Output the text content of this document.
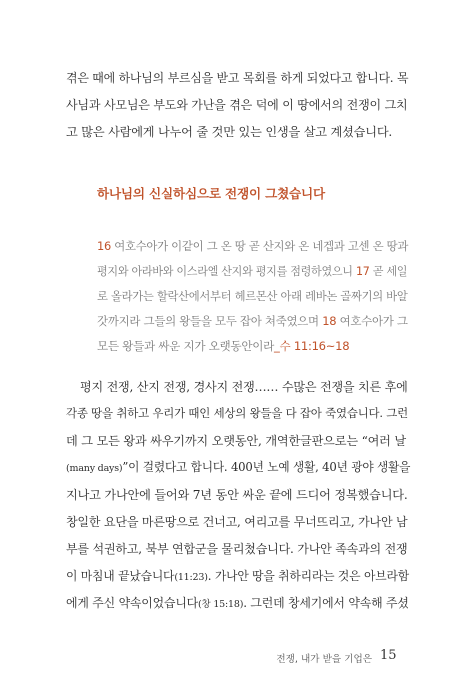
겪은 때에 하나님의 부르심을 받고 목회를 하게 되었다고 합니다. 목
사님과 사모님은 부도와 가난을 겪은 덕에 이 땅에서의 전쟁이 그치
고 많은 사람에게 나누어 줄 것만 있는 인생을 살고 계셨습니다.
하나님의 신실하심으로 전쟁이 그쳤습니다
16 여호수아가 이같이 그 온 땅 곧 산지와 온 네겝과 고센 온 땅과
평지와 아라바와 이스라엘 산지와 평지를 점령하였으니 17 곧 세일
로 올라가는 할락산에서부터 헤르몬산 아래 레바논 골짜기의 바알
갓까지라 그들의 왕들을 모두 잡아 쳐죽였으며 18 여호수아가 그
모든 왕들과 싸운 지가 오랫동안이라_수 11:16~18
평지 전쟁, 산지 전쟁, 경사지 전쟁…… 수많은 전쟁을 치른 후에
각종 땅을 취하고 우리가 때인 세상의 왕들을 다 잡아 죽였습니다. 그런
데 그 모든 왕과 싸우기까지 오랫동안, 개역한글판으로는 “여러 날
(many days)”이 걸렸다고 합니다. 400년 노예 생활, 40년 광야 생활을
지나고 가나안에 들어와 7년 동안 싸운 끝에 드디어 정복했습니다.
창일한 요단을 마른땅으로 건너고, 여리고를 무너뜨리고, 가나안 남
부를 석권하고, 북부 연합군을 물리쳤습니다. 가나안 족속과의 전쟁
이 마침내 끝났습니다(11:23). 가나안 땅을 취하리라는 것은 아브라함
에게 주신 약속이었습니다(창 15:18). 그런데 창세기에서 약속해 주셨
전쟁, 내가 받을 기업은 15
